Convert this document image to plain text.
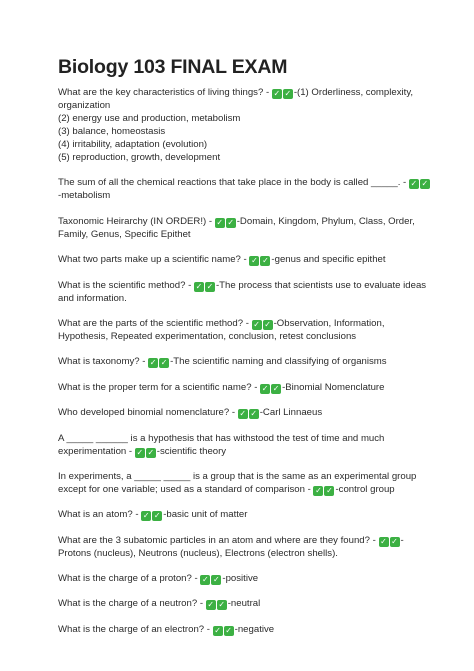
Biology 103 FINAL EXAM

What are the key characteristics of living things? - ✓ ✓ -(1) Orderliness, complexity, organization
(2) energy use and production, metabolism
(3) balance, homeostasis
(4) irritability, adaptation (evolution)
(5) reproduction, growth, development

The sum of all the chemical reactions that take place in the body is called _____. - ✓ ✓-metabolism

Taxonomic Heirarchy (IN ORDER!) - ✓ ✓ -Domain, Kingdom, Phylum, Class, Order, Family, Genus, Specific Epithet

What two parts make up a scientific name? - ✓ ✓ -genus and specific epithet

What is the scientific method? - ✓ ✓ -The process that scientists use to evaluate ideas and information.

What are the parts of the scientific method? - ✓ ✓ -Observation, Information, Hypothesis, Repeated experimentation, conclusion, retest conclusions

What is taxonomy? - ✓ ✓ -The scientific naming and classifying of organisms

What is the proper term for a scientific name? - ✓ ✓ -Binomial Nomenclature

Who developed binomial nomenclature? - ✓ ✓ -Carl Linnaeus

A _____ ______ is a hypothesis that has withstood the test of time and much experimentation - ✓ ✓ -scientific theory

In experiments, a _____ _____ is a group that is the same as an experimental group except for one variable; used as a standard of comparison - ✓ ✓ -control group

What is an atom? - ✓ ✓ -basic unit of matter

What are the 3 subatomic particles in an atom and where are they found? - ✓ ✓ -Protons (nucleus), Neutrons (nucleus), Electrons (electron shells).

What is the charge of a proton? - ✓ ✓ -positive

What is the charge of a neutron? - ✓ ✓ -neutral

What is the charge of an electron? - ✓ ✓ -negative
